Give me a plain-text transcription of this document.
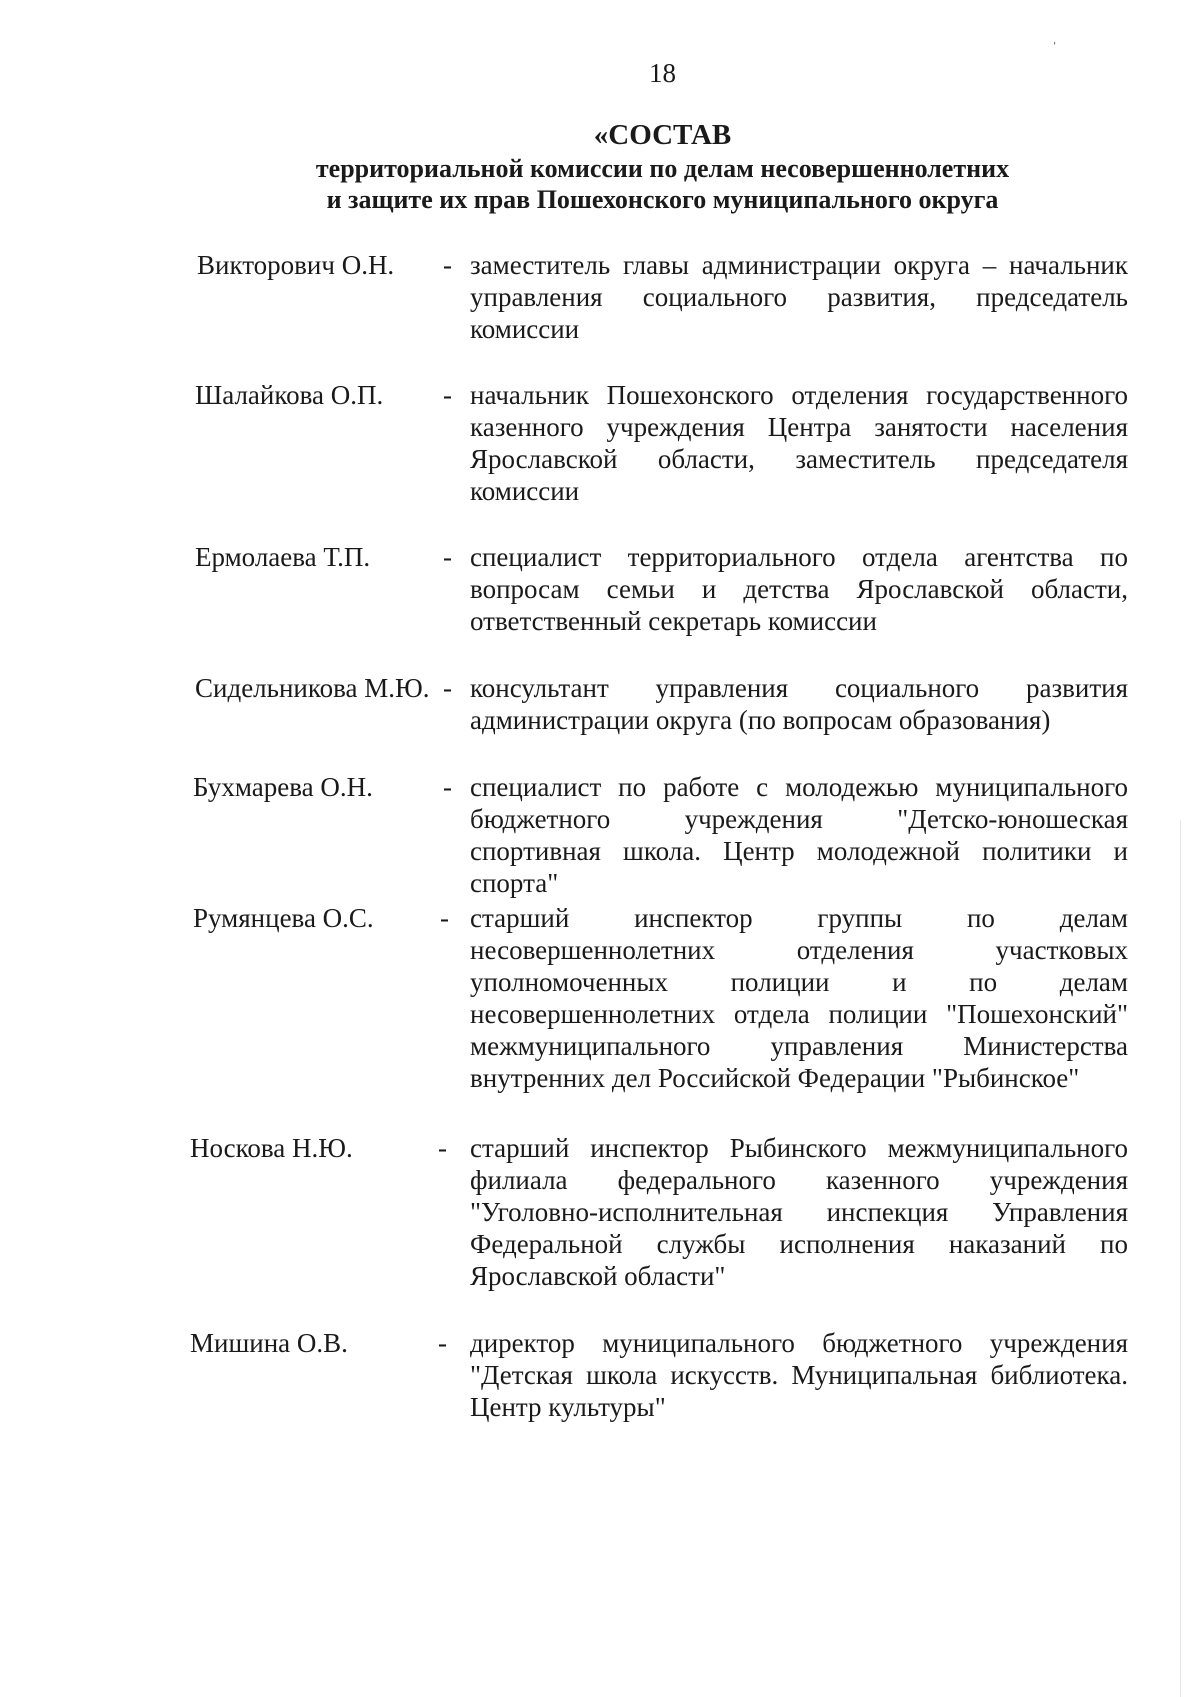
ˌ
18
«СОСТАВ
территориальной комиссии по делам несовершеннолетних
и защите их прав Пошехонского муниципального округа
Викторович О.Н. - заместитель главы администрации округа – начальник управления социального развития, председатель комиссии
Шалайкова О.П. - начальник Пошехонского отделения государственного казенного учреждения Центра занятости населения Ярославской области, заместитель председателя комиссии
Ермолаева Т.П.	- специалист территориального отдела агентства по вопросам семьи и детства Ярославской области, ответственный секретарь комиссии
Сидельникова М.Ю. - консультант управления социального развития администрации округа (по вопросам образования)
Бухмарева О.Н.	- специалист по работе с молодежью муниципального бюджетного учреждения "Детско-юношеская спортивная школа. Центр молодежной политики и спорта"
Румянцева О.С. - старший инспектор группы по делам несовершеннолетних отделения участковых уполномоченных полиции и по делам несовершеннолетних отдела полиции "Пошехонский" межмуниципального управления Министерства внутренних дел Российской Федерации "Рыбинское"
Носкова Н.Ю.	- старший инспектор Рыбинского межмуниципального филиала федерального казенного учреждения "Уголовно-исполнительная инспекция Управления Федеральной службы исполнения наказаний по Ярославской области"
Мишина О.В.	- директор муниципального бюджетного учреждения "Детская школа искусств. Муниципальная библиотека. Центр культуры"
